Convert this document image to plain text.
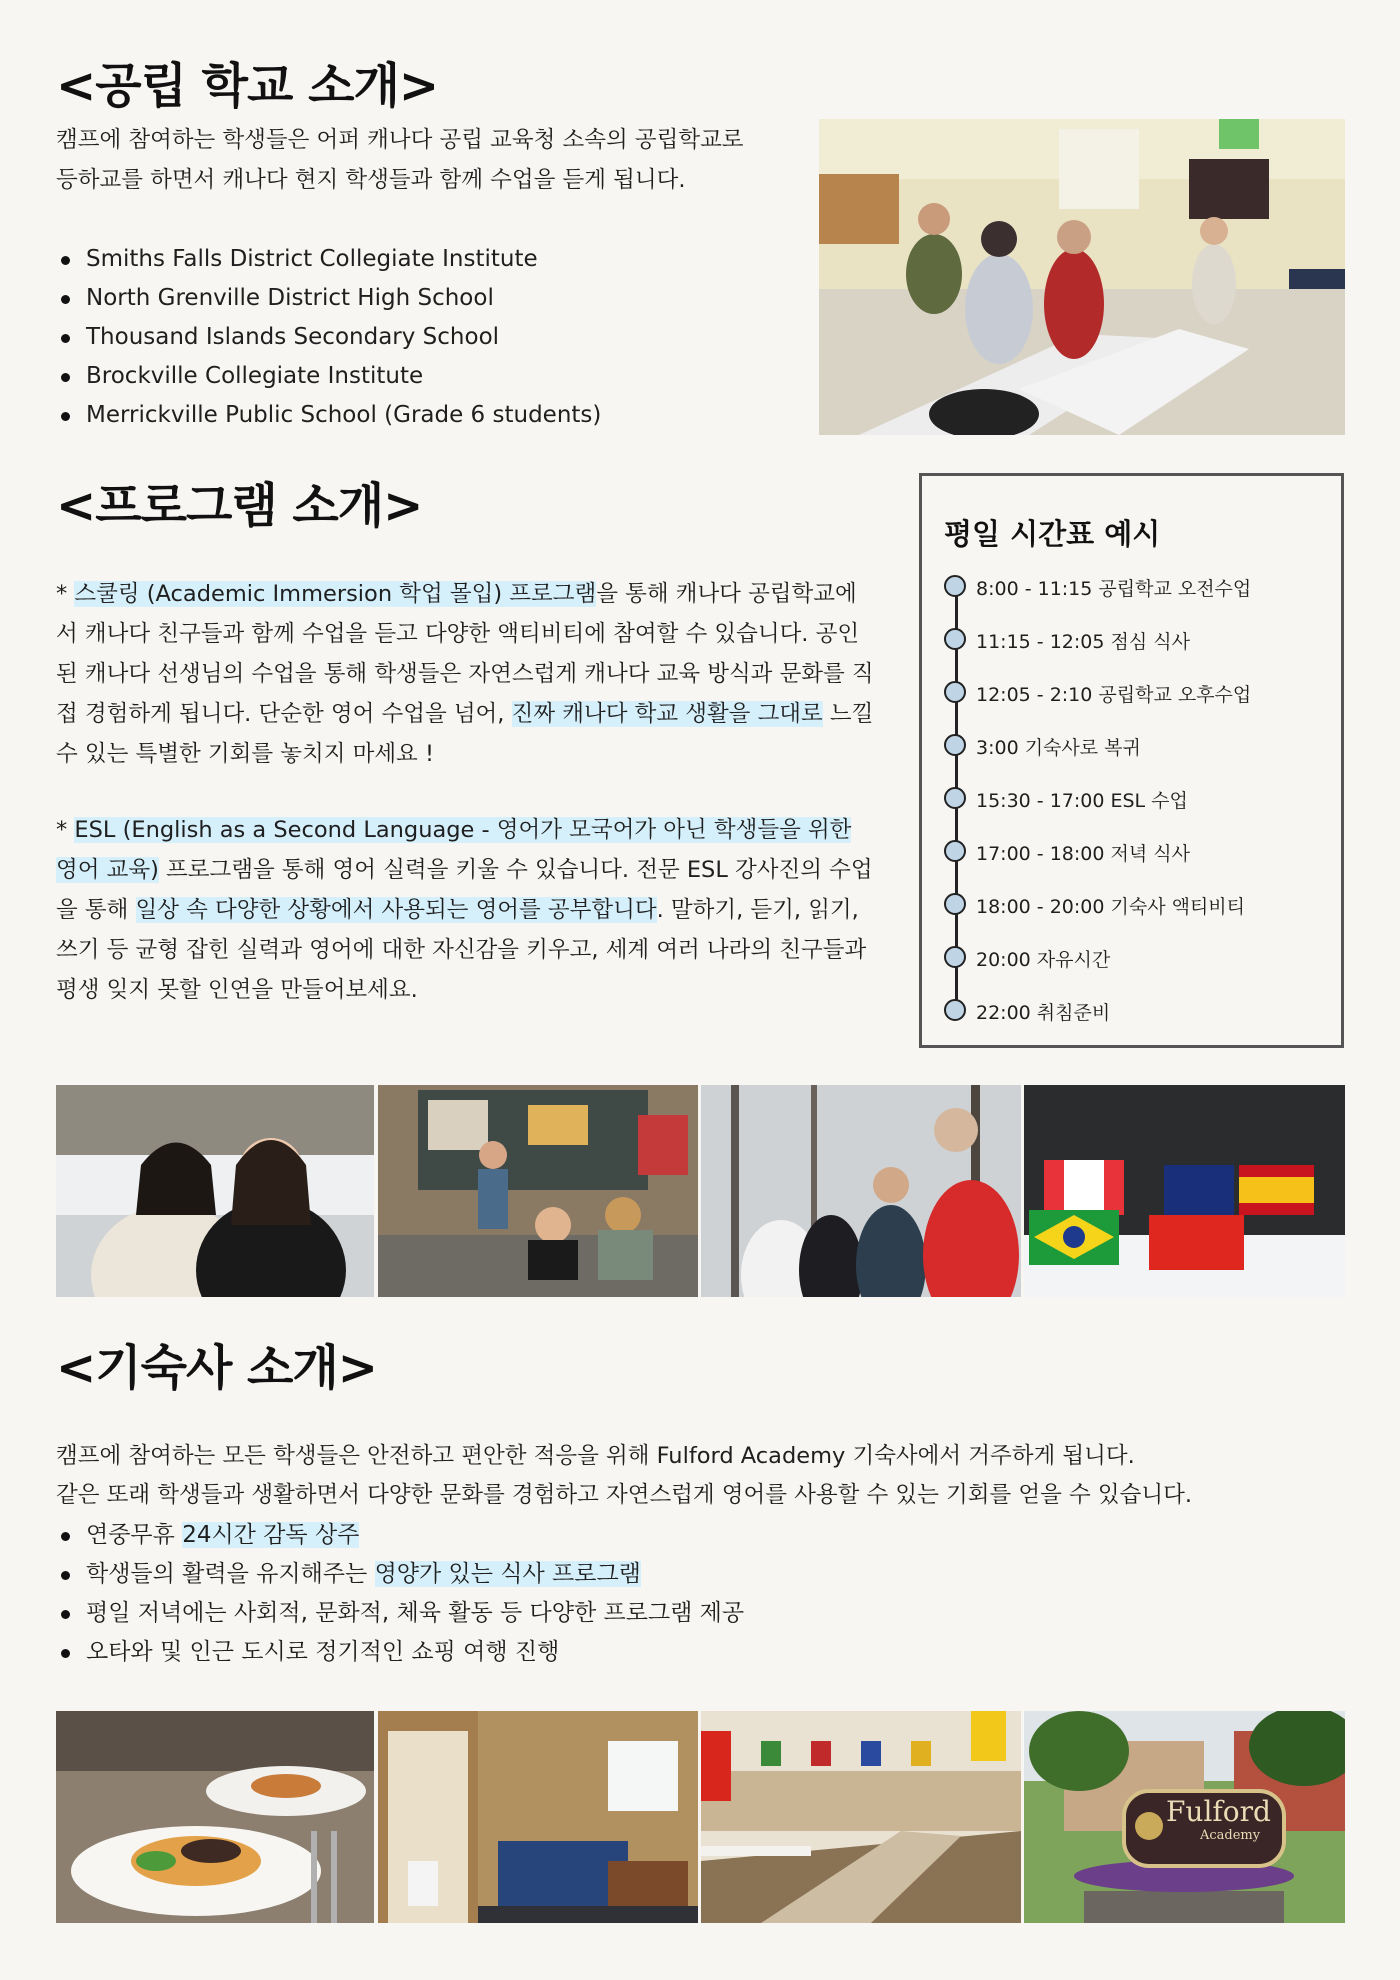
<공립 학교 소개>
캠프에 참여하는 학생들은 어퍼 캐나다 공립 교육청 소속의 공립학교로
등하교를 하면서 캐나다 현지 학생들과 함께 수업을 듣게 됩니다.
Smiths Falls District Collegiate Institute
North Grenville District High School
Thousand Islands Secondary School
Brockville Collegiate Institute
Merrickville Public School (Grade 6 students)
<프로그램 소개>
* 스쿨링 (Academic Immersion 학업 몰입) 프로그램을 통해 캐나다 공립학교에서 캐나다 친구들과 함께 수업을 듣고 다양한 액티비티에 참여할 수 있습니다. 공인된 캐나다 선생님의 수업을 통해 학생들은 자연스럽게 캐나다 교육 방식과 문화를 직접 경험하게 됩니다. 단순한 영어 수업을 넘어, 진짜 캐나다 학교 생활을 그대로 느낄 수 있는 특별한 기회를 놓치지 마세요 !
* ESL (English as a Second Language - 영어가 모국어가 아닌 학생들을 위한 영어 교육) 프로그램을 통해 영어 실력을 키울 수 있습니다. 전문 ESL 강사진의 수업을 통해 일상 속 다양한 상황에서 사용되는 영어를 공부합니다. 말하기, 듣기, 읽기, 쓰기 등 균형 잡힌 실력과 영어에 대한 자신감을 키우고, 세계 여러 나라의 친구들과 평생 잊지 못할 인연을 만들어보세요.
평일 시간표 예시
8:00 - 11:15 공립학교 오전수업
11:15 - 12:05 점심 식사
12:05 - 2:10 공립학교 오후수업
3:00 기숙사로 복귀
15:30 - 17:00 ESL 수업
17:00 - 18:00 저녁 식사
18:00 - 20:00 기숙사 액티비티
20:00 자유시간
22:00 취침준비
<기숙사 소개>
캠프에 참여하는 모든 학생들은 안전하고 편안한 적응을 위해 Fulford Academy 기숙사에서 거주하게 됩니다.
같은 또래 학생들과 생활하면서 다양한 문화를 경험하고 자연스럽게 영어를 사용할 수 있는 기회를 얻을 수 있습니다.
연중무휴 24시간 감독 상주
학생들의 활력을 유지해주는 영양가 있는 식사 프로그램
평일 저녁에는 사회적, 문화적, 체육 활동 등 다양한 프로그램 제공
오타와 및 인근 도시로 정기적인 쇼핑 여행 진행
Fulford
Academy
